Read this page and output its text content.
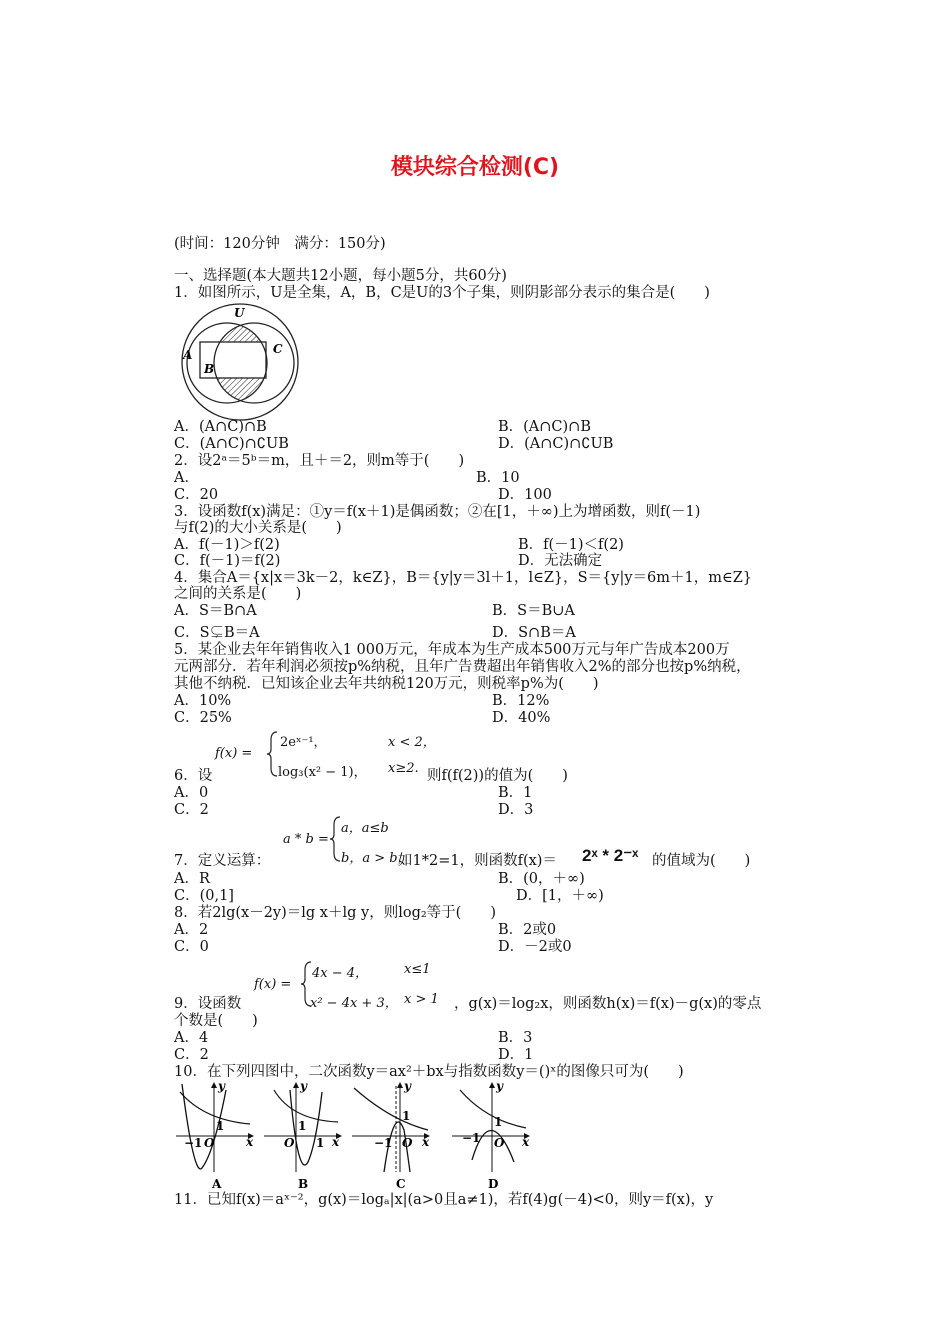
模块综合检测(C)
(时间：120分钟　满分：150分)
一、选择题(本大题共12小题，每小题5分，共60分)
1．如图所示，U是全集，A，B，C是U的3个子集，则阴影部分表示的集合是(　　)
U
A
B
C
A．(A∩C)∩B	B．(A∩C)∩B
C．(A∩C)∩∁UB	D．(A∩C)∩∁UB
2．设2ᵃ＝5ᵇ＝m，且＋＝2，则m等于(　　)
A．	B．10
C．20	D．100
3．设函数f(x)满足：①y＝f(x＋1)是偶函数；②在[1，＋∞)上为增函数，则f(－1)
与f(2)的大小关系是(　　)
A．f(－1)＞f(2)	B．f(－1)＜f(2)
C．f(－1)＝f(2)	D．无法确定
4．集合A＝{x|x＝3k－2，k∈Z}，B＝{y|y＝3l＋1，l∈Z}，S＝{y|y＝6m＋1，m∈Z}
之间的关系是(　　)
A．S＝B∩A	B．S＝B∪A
C．S⊊B＝A	D．S∩B＝A
5．某企业去年年销售收入1 000万元，年成本为生产成本500万元与年广告成本200万
元两部分．若年利润必须按p%纳税，且年广告费超出年销售收入2%的部分也按p%纳税，
其他不纳税．已知该企业去年共纳税120万元，则税率p%为(　　)
A．10%	B．12%
C．25%	D．40%
f(x) =
2eˣ⁻¹，	x < 2，
log₃(x² − 1)， x≥2.
6．设	则f(f(2))的值为(　　)
A．0	B．1
C．2	D．3
a * b =
a，a≤b
b，a > b，
7．定义运算：	如1*2=1，则函数f(x)＝ 2ˣ * 2⁻ˣ 的值域为(　　)
A．R	B．(0，＋∞)
C．(0,1]	D．[1，＋∞)
8．若2lg(x－2y)＝lg x＋lg y，则log₂等于(　　)
A．2	B．2或0
C．0	D．－2或0
f(x) =
4x − 4，	x≤1
x² − 4x + 3， x > 1
9．设函数	，g(x)＝log₂x，则函数h(x)＝f(x)－g(x)的零点
个数是(　　)
A．4	B．3
C．2	D．1
10．在下列四图中，二次函数y＝ax²＋bx与指数函数y＝()ˣ的图像只可为(　　)
y
x
O
1
−1
A
y
x
O
1
1
B
y
x
O
1
−1
C
y
x
O
1
−1
D
11．已知f(x)＝aˣ⁻²，g(x)＝logₐ|x|(a>0且a≠1)，若f(4)g(－4)<0，则y＝f(x)，y
